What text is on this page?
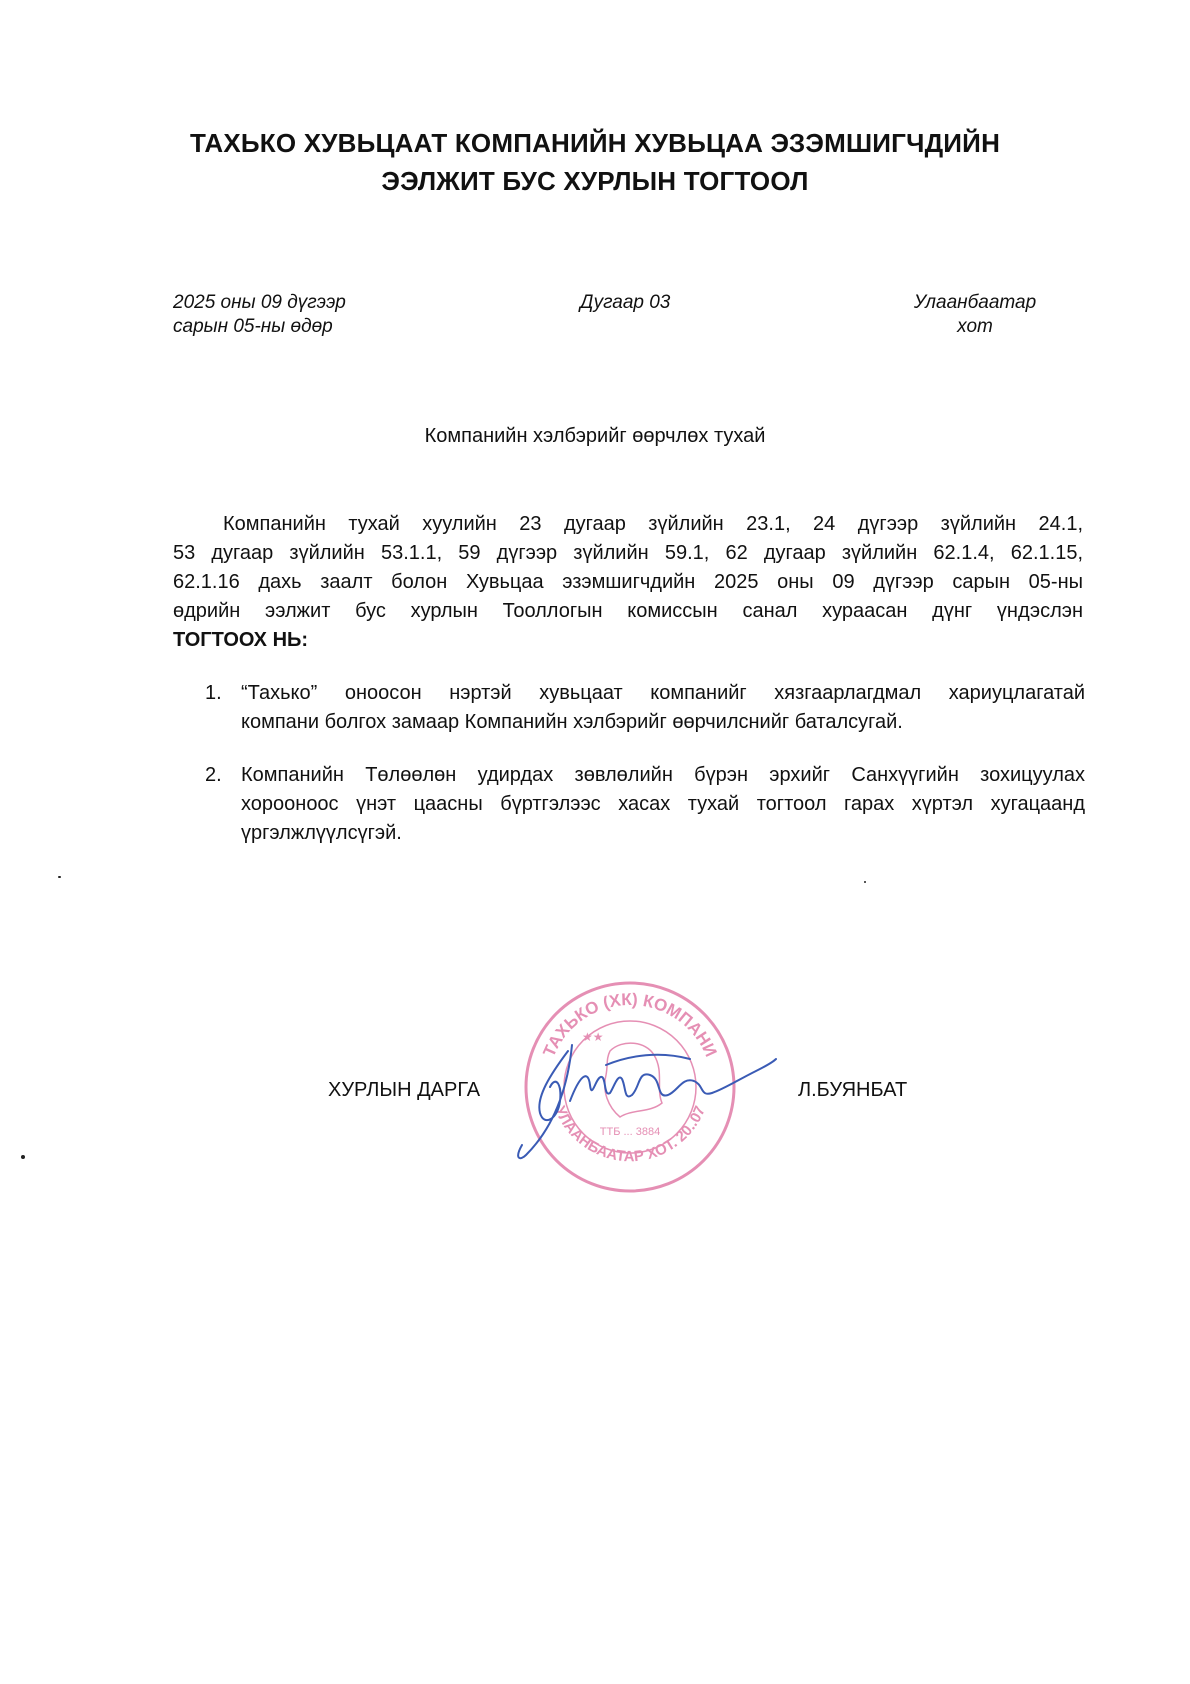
ТАХЬКО ХУВЬЦААТ КОМПАНИЙН ХУВЬЦАА ЭЗЭМШИГЧДИЙН
ЭЭЛЖИТ БУС ХУРЛЫН ТОГТООЛ
2025 оны 09 дүгээр
сарын 05-ны өдөр
Дугаар 03	Улаанбаатар
хот
Компанийн хэлбэрийг өөрчлөх тухай
Компанийн тухай хуулийн 23 дугаар зүйлийн 23.1, 24 дүгээр зүйлийн 24.1,
53 дугаар зүйлийн 53.1.1, 59 дүгээр зүйлийн 59.1, 62 дугаар зүйлийн 62.1.4, 62.1.15,
62.1.16 дахь заалт болон Хувьцаа эзэмшигчдийн 2025 оны 09 дүгээр сарын 05-ны
өдрийн ээлжит бус хурлын Тооллогын комиссын санал хураасан дүнг үндэслэн
ТОГТООХ НЬ:
1. “Тахько” оноосон нэртэй хувьцаат компанийг хязгаарлагдмал хариуцлагатай
компани болгох замаар Компанийн хэлбэрийг өөрчилснийг баталсугай.
2. Компанийн Төлөөлөн удирдах зөвлөлийн бүрэн эрхийг Санхүүгийн зохицуулах
хорооноос үнэт цаасны бүртгэлээс хасах тухай тогтоол гарах хүртэл хугацаанд
үргэлжлүүлсүгэй.
ТАХЬКО (ХК) КОМПАНИ
УЛААНБААТАР ХОТ. 20..07
★★
ТТБ ... 3884
ХУРЛЫН ДАРГА	Л.БУЯНБАТ
